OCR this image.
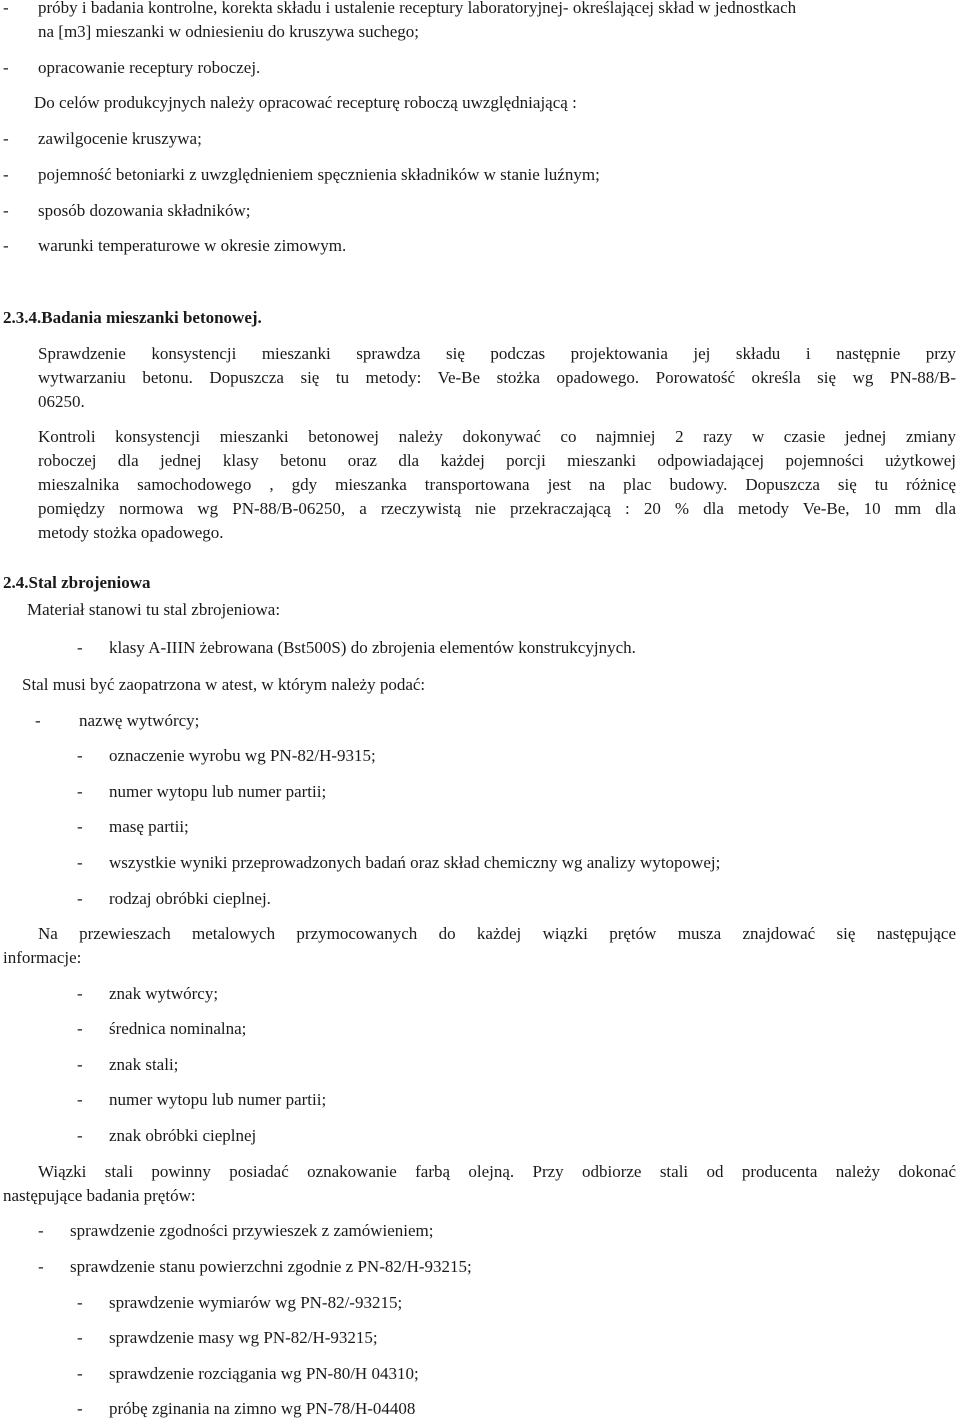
- próby i badania kontrolne, korekta składu i ustalenie receptury laboratoryjnej- określającej skład w jednostkach
na [m3] mieszanki w odniesieniu do kruszywa suchego;
- opracowanie receptury roboczej.
Do celów produkcyjnych należy opracować recepturę roboczą uwzględniającą :
- zawilgocenie kruszywa;
- pojemność betoniarki z uwzględnieniem spęcznienia składników w stanie luźnym;
- sposób dozowania składników;
- warunki temperaturowe w okresie zimowym.
2.3.4.Badania mieszanki betonowej.
Sprawdzenie konsystencji mieszanki sprawdza się podczas projektowania jej składu i następnie przy
wytwarzaniu betonu. Dopuszcza się tu metody: Ve-Be stożka opadowego. Porowatość określa się wg PN-88/B-
06250.
Kontroli konsystencji mieszanki betonowej należy dokonywać co najmniej 2 razy w czasie jednej zmiany
roboczej dla jednej klasy betonu oraz dla każdej porcji mieszanki odpowiadającej pojemności użytkowej
mieszalnika samochodowego , gdy mieszanka transportowana jest na plac budowy. Dopuszcza się tu różnicę
pomiędzy normowa wg PN-88/B-06250, a rzeczywistą nie przekraczającą : 20 % dla metody Ve-Be, 10 mm dla
metody stożka opadowego.
2.4.Stal zbrojeniowa
Materiał stanowi tu stal zbrojeniowa:
- klasy A-IIIN żebrowana (Bst500S) do zbrojenia elementów konstrukcyjnych.
Stal musi być zaopatrzona w atest, w którym należy podać:
- nazwę wytwórcy;
- oznaczenie wyrobu wg PN-82/H-9315;
- numer wytopu lub numer partii;
- masę partii;
- wszystkie wyniki przeprowadzonych badań oraz skład chemiczny wg analizy wytopowej;
- rodzaj obróbki cieplnej.
Na przewieszach metalowych przymocowanych do każdej wiązki prętów musza znajdować się następujące
informacje:
- znak wytwórcy;
- średnica nominalna;
- znak stali;
- numer wytopu lub numer partii;
- znak obróbki cieplnej
Wiązki stali powinny posiadać oznakowanie farbą olejną. Przy odbiorze stali od producenta należy dokonać
następujące badania prętów:
- sprawdzenie zgodności przywieszek z zamówieniem;
- sprawdzenie stanu powierzchni zgodnie z PN-82/H-93215;
- sprawdzenie wymiarów wg PN-82/-93215;
- sprawdzenie masy wg PN-82/H-93215;
- sprawdzenie rozciągania wg PN-80/H 04310;
- próbę zginania na zimno wg PN-78/H-04408
